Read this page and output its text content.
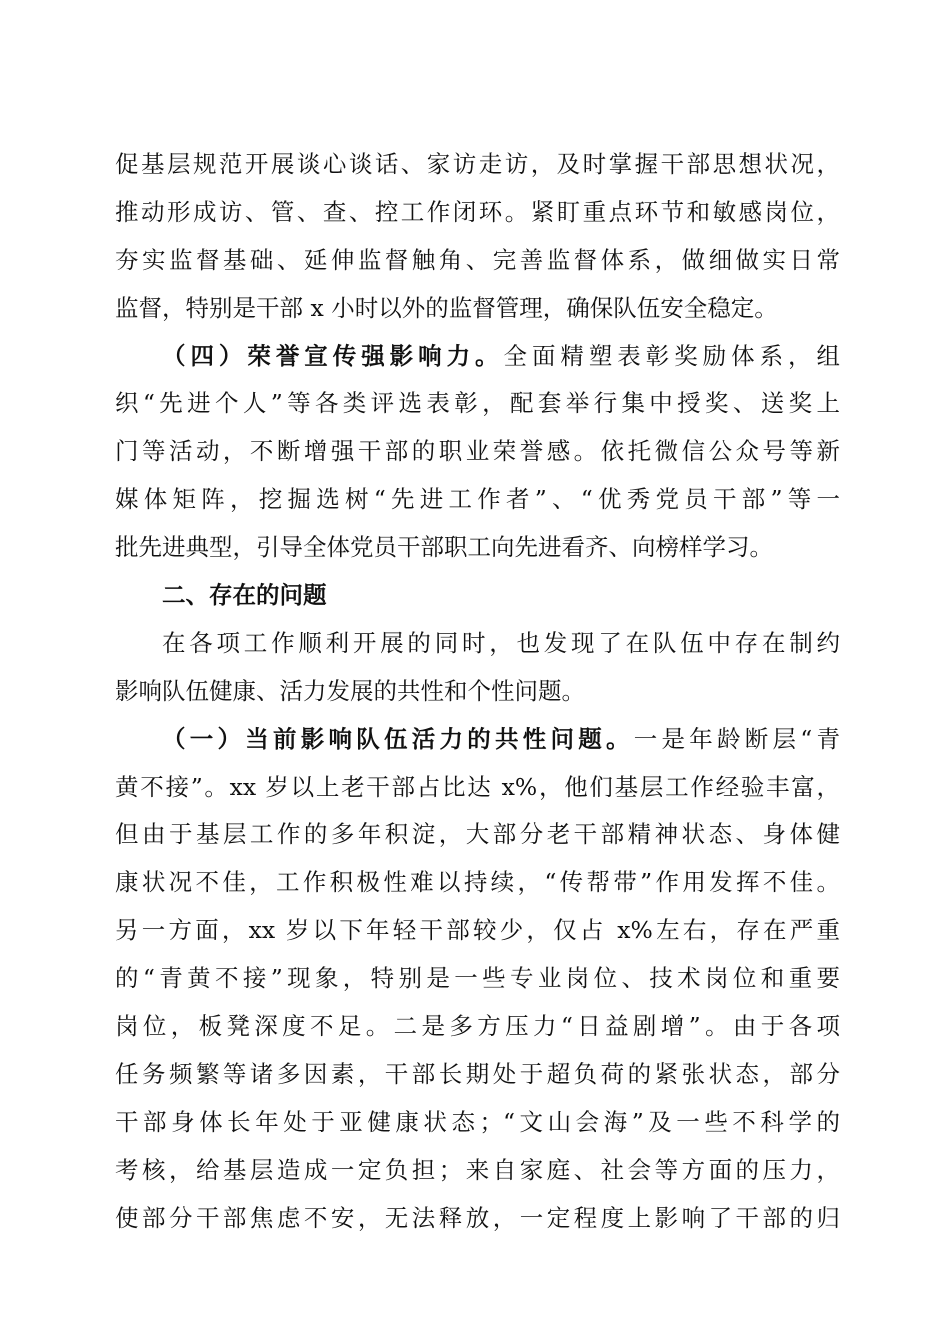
促基层规范开展谈心谈话、家访走访，及时掌握干部思想状况，
推动形成访、管、查、控工作闭环。紧盯重点环节和敏感岗位，
夯实监督基础、延伸监督触角、完善监督体系，做细做实日常
监督，特别是干部 x 小时以外的监督管理，确保队伍安全稳定。
（四）荣誉宣传强影响力。全面精塑表彰奖励体系，组
织“先进个人”等各类评选表彰，配套举行集中授奖、送奖上
门等活动，不断增强干部的职业荣誉感。依托微信公众号等新
媒体矩阵，挖掘选树“先进工作者”、“优秀党员干部”等一
批先进典型，引导全体党员干部职工向先进看齐、向榜样学习。
二、存在的问题
在各项工作顺利开展的同时，也发现了在队伍中存在制约
影响队伍健康、活力发展的共性和个性问题。
（一）当前影响队伍活力的共性问题。一是年龄断层“青
黄不接”。xx 岁以上老干部占比达 x%，他们基层工作经验丰富，
但由于基层工作的多年积淀，大部分老干部精神状态、身体健
康状况不佳，工作积极性难以持续，“传帮带”作用发挥不佳。
另一方面，xx 岁以下年轻干部较少，仅占 x%左右，存在严重
的“青黄不接”现象，特别是一些专业岗位、技术岗位和重要
岗位，板凳深度不足。二是多方压力“日益剧增”。由于各项
任务频繁等诸多因素，干部长期处于超负荷的紧张状态，部分
干部身体长年处于亚健康状态；“文山会海”及一些不科学的
考核，给基层造成一定负担；来自家庭、社会等方面的压力，
使部分干部焦虑不安，无法释放，一定程度上影响了干部的归
